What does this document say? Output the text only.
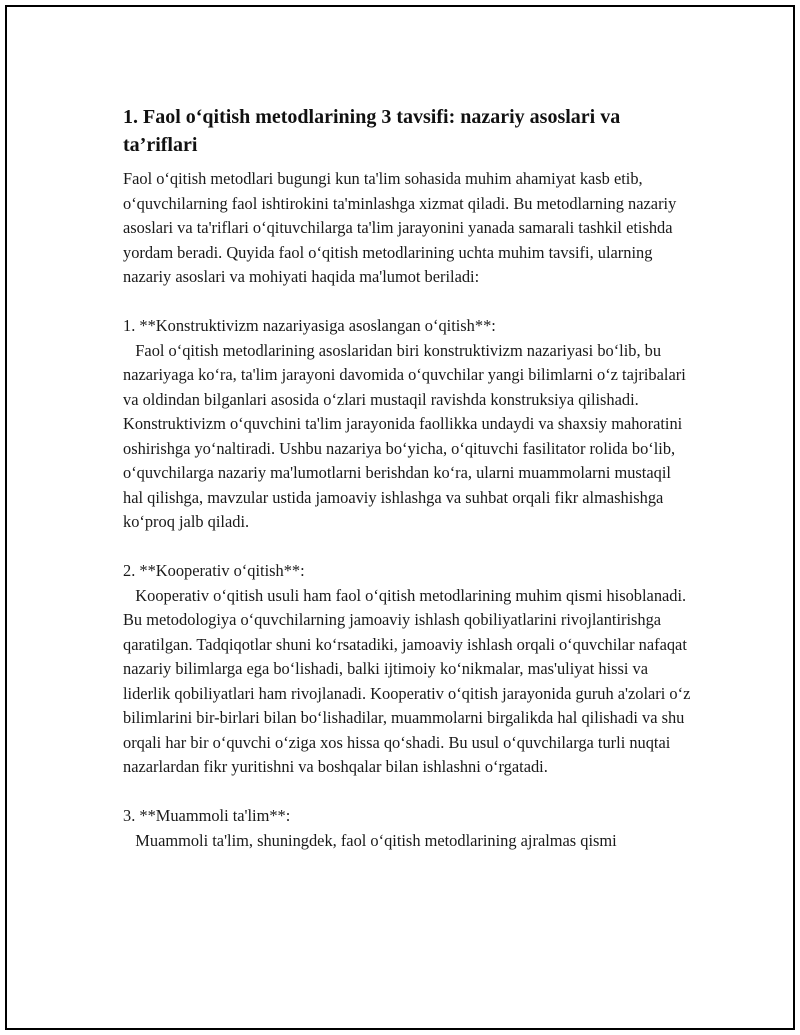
1. Faol o‘qitish metodlarining 3 tavsifi: nazariy asoslari va ta’riflari

Faol o‘qitish metodlari bugungi kun ta'lim sohasida muhim ahamiyat kasb etib, o‘quvchilarning faol ishtirokini ta'minlashga xizmat qiladi. Bu metodlarning nazariy asoslari va ta'riflari o‘qituvchilarga ta'lim jarayonini yanada samarali tashkil etishda yordam beradi. Quyida faol o‘qitish metodlarining uchta muhim tavsifi, ularning nazariy asoslari va mohiyati haqida ma'lumot beriladi:

1. **Konstruktivizm nazariyasiga asoslangan o‘qitish**:

Faol o‘qitish metodlarining asoslaridan biri konstruktivizm nazariyasi bo‘lib, bu nazariyaga ko‘ra, ta'lim jarayoni davomida o‘quvchilar yangi bilimlarni o‘z tajribalari va oldindan bilganlari asosida o‘zlari mustaqil ravishda konstruksiya qilishadi. Konstruktivizm o‘quvchini ta'lim jarayonida faollikka undaydi va shaxsiy mahoratini oshirishga yo‘naltiradi. Ushbu nazariya bo‘yicha, o‘qituvchi fasilitator rolida bo‘lib, o‘quvchilarga nazariy ma'lumotlarni berishdan ko‘ra, ularni muammolarni mustaqil hal qilishga, mavzular ustida jamoaviy ishlashga va suhbat orqali fikr almashishga ko‘proq jalb qiladi.

2. **Kooperativ o‘qitish**:

Kooperativ o‘qitish usuli ham faol o‘qitish metodlarining muhim qismi hisoblanadi. Bu metodologiya o‘quvchilarning jamoaviy ishlash qobiliyatlarini rivojlantirishga qaratilgan. Tadqiqotlar shuni ko‘rsatadiki, jamoaviy ishlash orqali o‘quvchilar nafaqat nazariy bilimlarga ega bo‘lishadi, balki ijtimoiy ko‘nikmalar, mas'uliyat hissi va liderlik qobiliyatlari ham rivojlanadi. Kooperativ o‘qitish jarayonida guruh a'zolari o‘z bilimlarini bir-birlari bilan bo‘lishadilar, muammolarni birgalikda hal qilishadi va shu orqali har bir o‘quvchi o‘ziga xos hissa qo‘shadi. Bu usul o‘quvchilarga turli nuqtai nazarlardan fikr yuritishni va boshqalar bilan ishlashni o‘rgatadi.

3. **Muammoli ta'lim**:

Muammoli ta'lim, shuningdek, faol o‘qitish metodlarining ajralmas qismi
